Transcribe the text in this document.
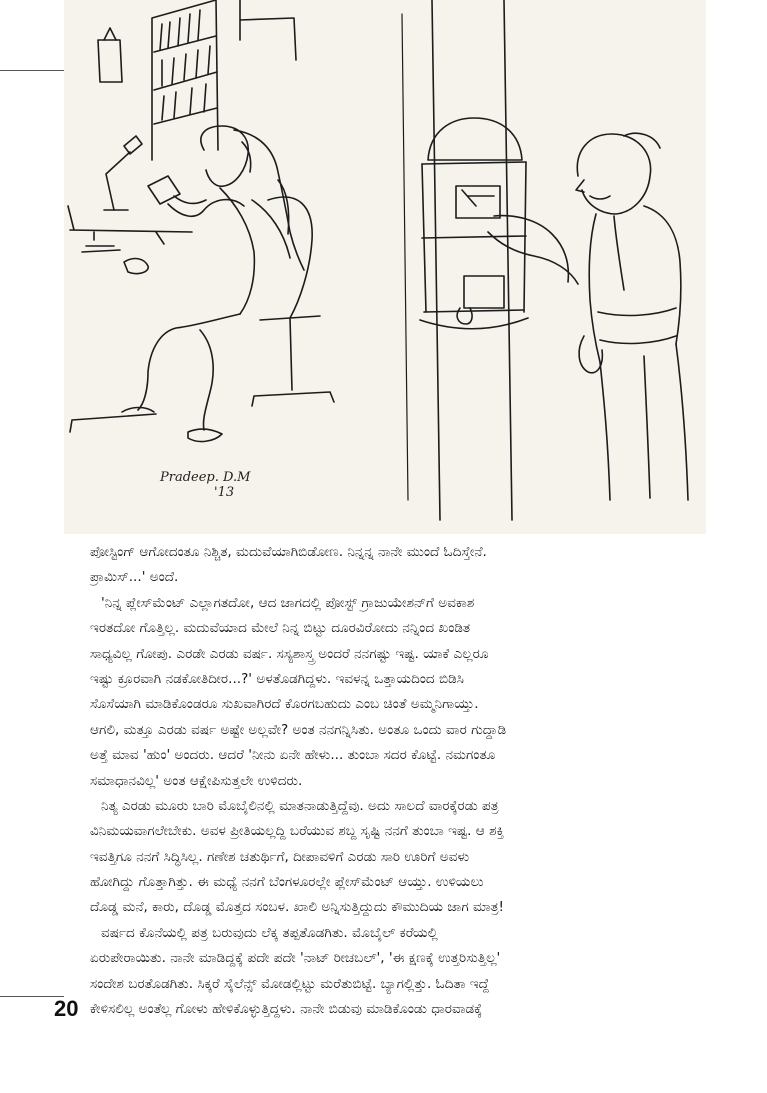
Pradeep. D.M
'13
ಪೋಸ್ಟಿಂಗ್ ಆಗೋದಂತೂ ನಿಶ್ಚಿತ, ಮದುವೆಯಾಗಿಬಿಡೋಣ. ನಿನ್ನನ್ನ ನಾನೇ ಮುಂದೆ ಓದಿಸ್ತೇನೆ.
ಪ್ರಾಮಿಸ್...' ಅಂದೆ.
'ನಿನ್ನ ಪ್ಲೇಸ್‌ಮೆಂಟ್ ಎಲ್ಲಾಗತದೋ, ಆದ ಜಾಗದಲ್ಲಿ ಪೋಸ್ಟ್ ಗ್ರಾಜುಯೇಶನ್‌ಗೆ ಅವಕಾಶ
ಇರತದೋ ಗೊತ್ತಿಲ್ಲ. ಮದುವೆಯಾದ ಮೇಲೆ ನಿನ್ನ ಬಿಟ್ಟು ದೂರವಿರೋದು ನನ್ನಿಂದ ಖಂಡಿತ
ಸಾಧ್ಯವಿಲ್ಲ ಗೋಪು. ಎರಡೇ ಎರಡು ವರ್ಷ. ಸಸ್ಯಶಾಸ್ತ್ರ ಅಂದರೆ ನನಗಷ್ಟು ಇಷ್ಟ. ಯಾಕೆ ಎಲ್ಲರೂ
ಇಷ್ಟು ಕ್ರೂರವಾಗಿ ನಡಕೋತಿದೀರ...?' ಅಳತೊಡಗಿದ್ದಳು. ಇವಳನ್ನ ಒತ್ತಾಯದಿಂದ ಬಿಡಿಸಿ
ಸೊಸೆಯಾಗಿ ಮಾಡಿಕೊಂಡರೂ ಸುಖವಾಗಿರದೆ ಕೊರಗಬಹುದು ಎಂಬ ಚಿಂತೆ ಅಮ್ಮನಿಗಾಯ್ತು.
ಆಗಲಿ, ಮತ್ತೂ ಎರಡು ವರ್ಷ ಅಷ್ಟೇ ಅಲ್ಲವೇ? ಅಂತ ನನಗನ್ನಿಸಿತು. ಅಂತೂ ಒಂದು ವಾರ ಗುದ್ದಾಡಿ
ಅತ್ತೆ ಮಾವ 'ಹುಂ' ಅಂದರು. ಆದರೆ 'ನೀನು ಏನೇ ಹೇಳು... ತುಂಬಾ ಸದರ ಕೊಟ್ಟೆ. ನಮಗಂತೂ
ಸಮಾಧಾನವಿಲ್ಲ' ಅಂತ ಆಕ್ಷೇಪಿಸುತ್ತಲೇ ಉಳಿದರು.
ನಿತ್ಯ ಎರಡು ಮೂರು ಬಾರಿ ಮೊಬೈಲಿನಲ್ಲಿ ಮಾತನಾಡುತ್ತಿದ್ದೆವು. ಅದು ಸಾಲದೆ ವಾರಕ್ಕೆರಡು ಪತ್ರ
ವಿನಿಮಯವಾಗಲೇಬೇಕು. ಅವಳ ಪ್ರೀತಿಯಲ್ಲದ್ದಿ ಬರೆಯುವ ಶಬ್ದ ಸೃಷ್ಟಿ ನನಗೆ ತುಂಬಾ ಇಷ್ಟ. ಆ ಶಕ್ತಿ
ಇವತ್ತಿಗೂ ನನಗೆ ಸಿದ್ಧಿಸಿಲ್ಲ. ಗಣೇಶ ಚತುರ್ಥಿಗೆ, ದೀಪಾವಳಿಗೆ ಎರಡು ಸಾರಿ ಊರಿಗೆ ಅವಳು
ಹೋಗಿದ್ದು ಗೊತ್ತಾಗಿತ್ತು. ಈ ಮಧ್ಯೆ ನನಗೆ ಬೆಂಗಳೂರಲ್ಲೇ ಪ್ಲೇಸ್‌ಮೆಂಟ್ ಆಯ್ತು. ಉಳಿಯಲು
ದೊಡ್ಡ ಮನೆ, ಕಾರು, ದೊಡ್ಡ ಮೊತ್ತದ ಸಂಬಳ. ಖಾಲಿ ಅನ್ನಿಸುತ್ತಿದ್ದುದು ಕೌಮುದಿಯ ಜಾಗ ಮಾತ್ರ!
ವರ್ಷದ ಕೊನೆಯಲ್ಲಿ ಪತ್ರ ಬರುವುದು ಲೆಕ್ಕ ತಪ್ಪತೊಡಗಿತು. ಮೊಬೈಲ್ ಕರೆಯಲ್ಲಿ
ಏರುಪೇರಾಯಿತು. ನಾನೇ ಮಾಡಿದ್ದಕ್ಕೆ ಪದೇ ಪದೇ 'ನಾಟ್ ರೀಚಬಲ್', 'ಈ ಕ್ಷಣಕ್ಕೆ ಉತ್ತರಿಸುತ್ತಿಲ್ಲ'
ಸಂದೇಶ ಬರತೊಡಗಿತು. ಸಿಕ್ಕರೆ ಸೈಲೆನ್ಸ್ ಮೋಡಲ್ಲಿಟ್ಟು ಮರೆತುಬಿಟ್ಟೆ. ಬ್ಯಾಗಲ್ಲಿತ್ತು. ಓದಿತಾ ಇದ್ದೆ
ಕೇಳಿಸಲಿಲ್ಲ ಅಂತೆಲ್ಲ ಗೋಳು ಹೇಳಿಕೊಳ್ಳುತ್ತಿದ್ದಳು. ನಾನೇ ಬಿಡುವು ಮಾಡಿಕೊಂಡು ಧಾರವಾಡಕ್ಕೆ
20
